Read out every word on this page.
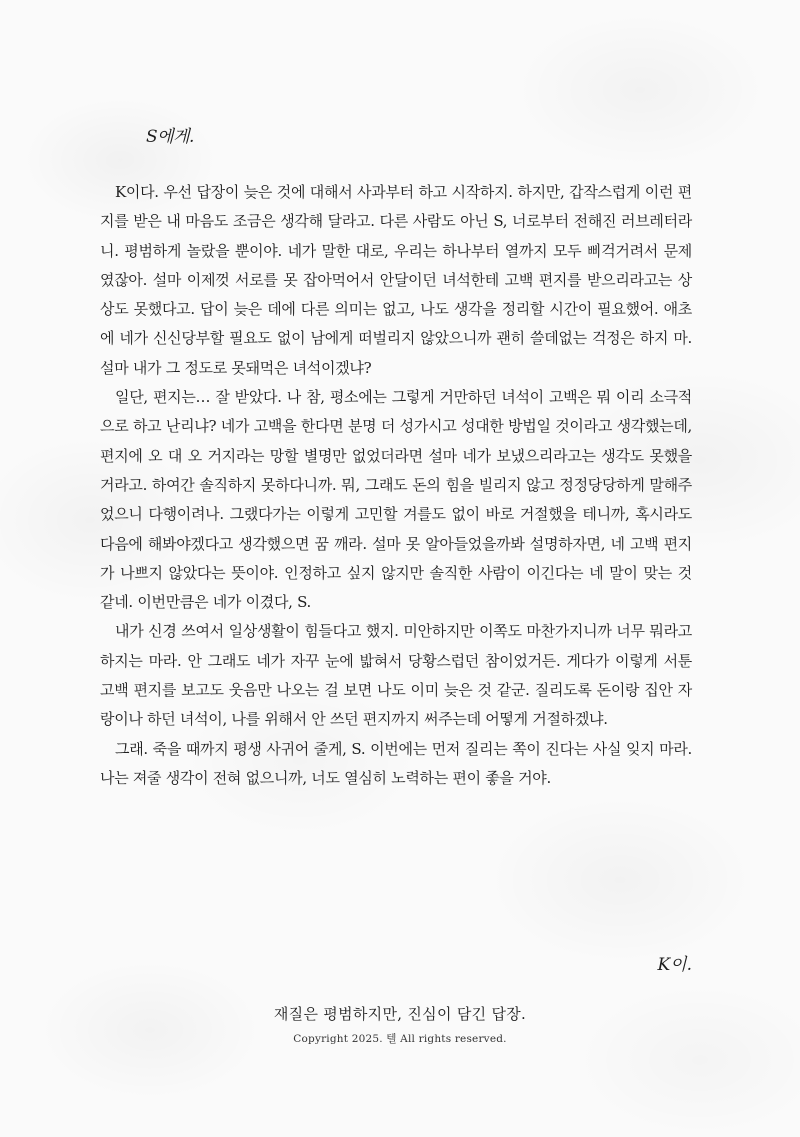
S에게.

K이다. 우선 답장이 늦은 것에 대해서 사과부터 하고 시작하지. 하지만, 갑작스럽게 이런 편지를 받은 내 마음도 조금은 생각해 달라고. 다른 사람도 아닌 S, 너로부터 전해진 러브레터라니. 평범하게 놀랐을 뿐이야. 네가 말한 대로, 우리는 하나부터 열까지 모두 삐걱거려서 문제였잖아. 설마 이제껏 서로를 못 잡아먹어서 안달이던 녀석한테 고백 편지를 받으리라고는 상상도 못했다고. 답이 늦은 데에 다른 의미는 없고, 나도 생각을 정리할 시간이 필요했어. 애초에 네가 신신당부할 필요도 없이 남에게 떠벌리지 않았으니까 괜히 쓸데없는 걱정은 하지 마. 설마 내가 그 정도로 못돼먹은 녀석이겠냐?

일단, 편지는… 잘 받았다. 나 참, 평소에는 그렇게 거만하던 녀석이 고백은 뭐 이리 소극적으로 하고 난리냐? 네가 고백을 한다면 분명 더 성가시고 성대한 방법일 것이라고 생각했는데, 편지에 오 대 오 거지라는 망할 별명만 없었더라면 설마 네가 보냈으리라고는 생각도 못했을 거라고. 하여간 솔직하지 못하다니까. 뭐, 그래도 돈의 힘을 빌리지 않고 정정당당하게 말해주었으니 다행이려나. 그랬다가는 이렇게 고민할 겨를도 없이 바로 거절했을 테니까, 혹시라도 다음에 해봐야겠다고 생각했으면 꿈 깨라. 설마 못 알아들었을까봐 설명하자면, 네 고백 편지가 나쁘지 않았다는 뜻이야. 인정하고 싶지 않지만 솔직한 사람이 이긴다는 네 말이 맞는 것 같네. 이번만큼은 네가 이겼다, S.

내가 신경 쓰여서 일상생활이 힘들다고 했지. 미안하지만 이쪽도 마찬가지니까 너무 뭐라고 하지는 마라. 안 그래도 네가 자꾸 눈에 밟혀서 당황스럽던 참이었거든. 게다가 이렇게 서툰 고백 편지를 보고도 웃음만 나오는 걸 보면 나도 이미 늦은 것 같군. 질리도록 돈이랑 집안 자랑이나 하던 녀석이, 나를 위해서 안 쓰던 편지까지 써주는데 어떻게 거절하겠냐.

그래. 죽을 때까지 평생 사귀어 줄게, S. 이번에는 먼저 질리는 쪽이 진다는 사실 잊지 마라. 나는 져줄 생각이 전혀 없으니까, 너도 열심히 노력하는 편이 좋을 거야.

K이.
재질은 평범하지만, 진심이 담긴 답장.
Copyright 2025. 텔 All rights reserved.
